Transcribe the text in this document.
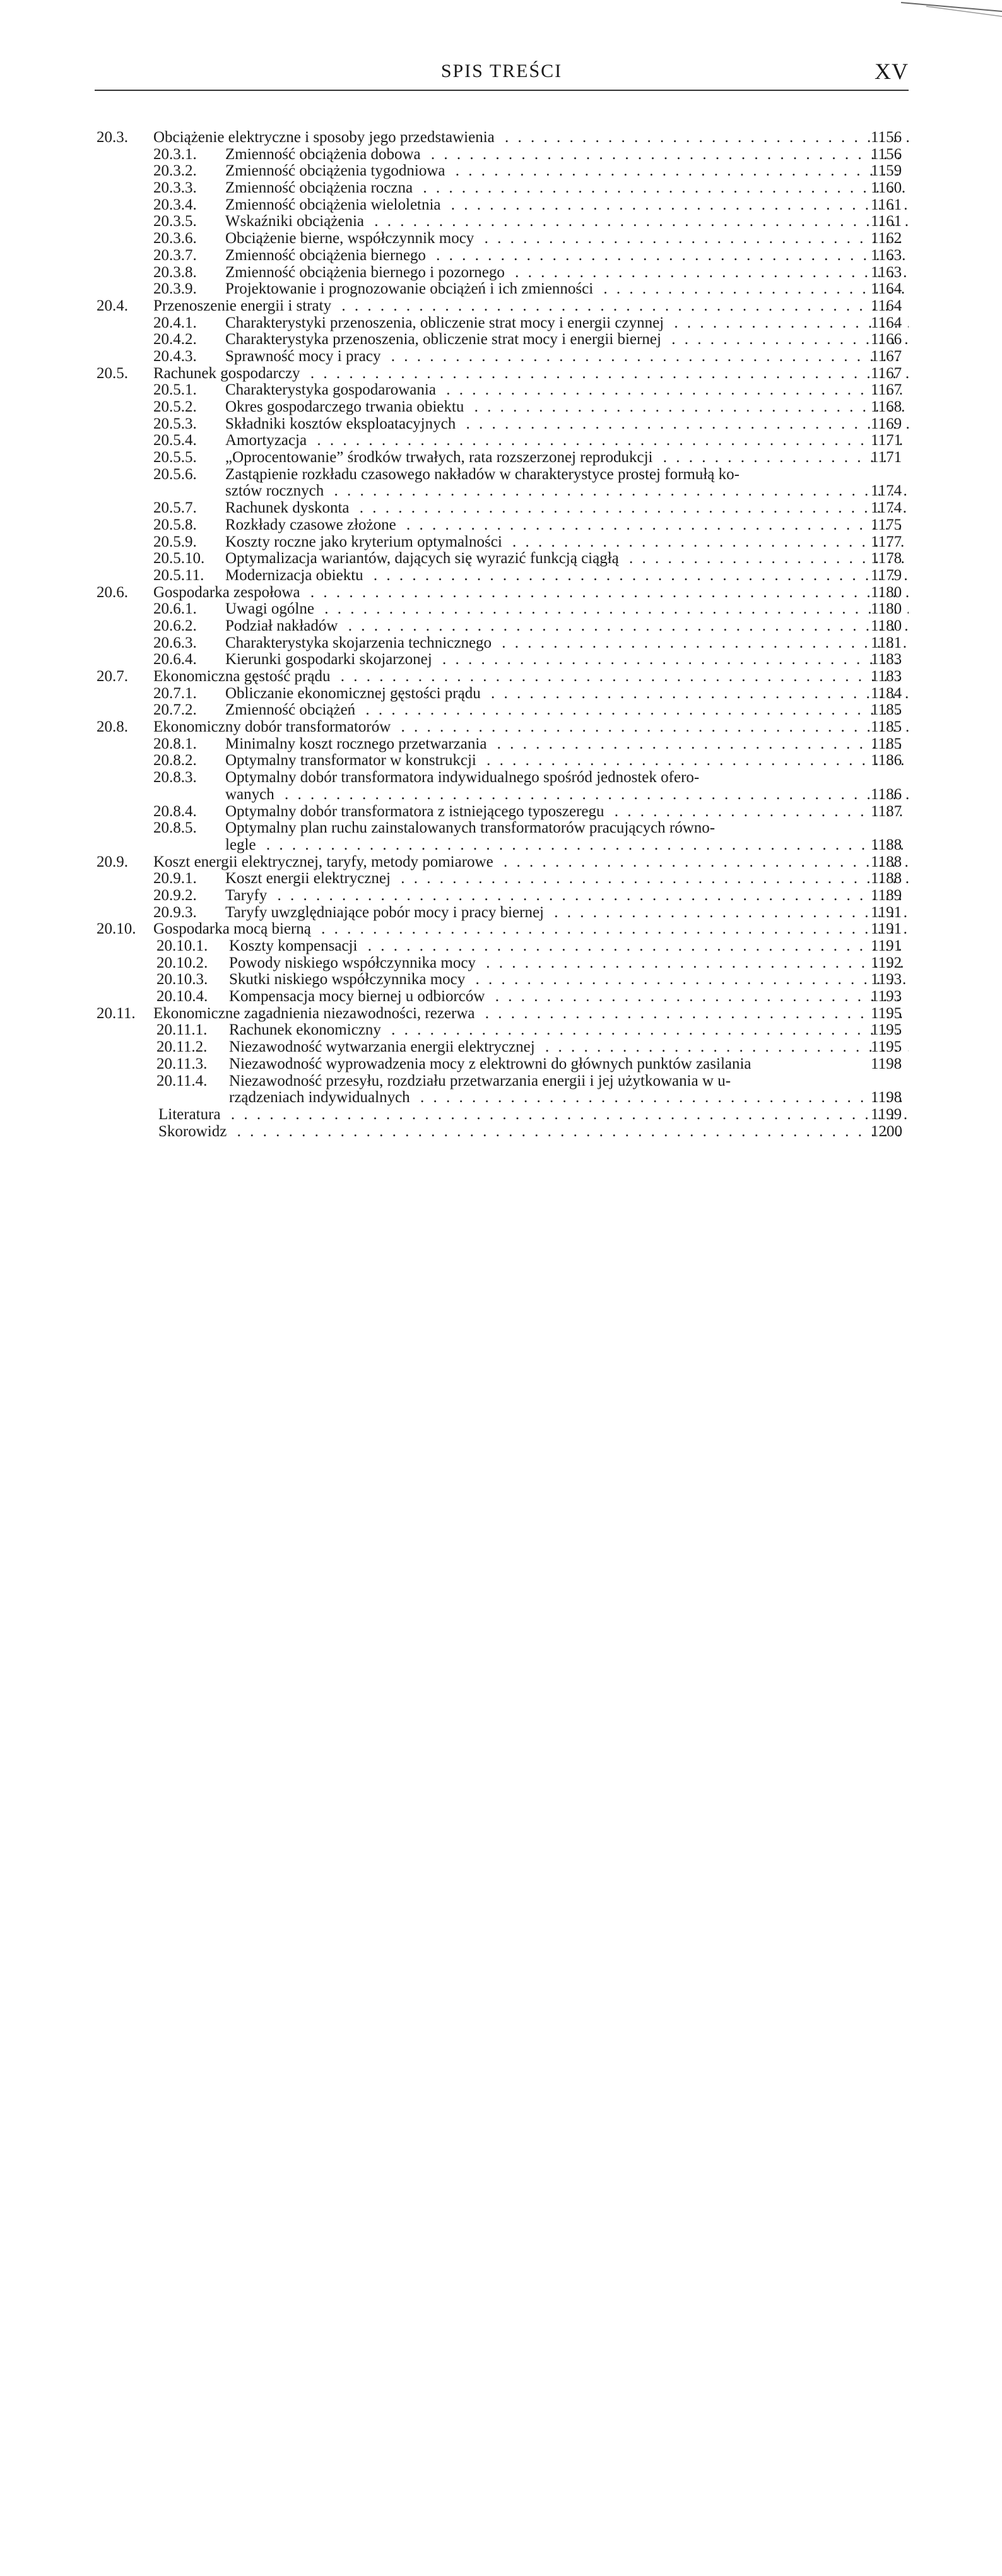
SPIS TREŚCI	XV
20.3. Obciążenie elektryczne i sposoby jego przedstawienia . . .	1156
20.3.1. Zmienność obciążenia dobowa . . .	1156
20.3.2. Zmienność obciążenia tygodniowa . . .	1159
20.3.3. Zmienność obciążenia roczna . . .	1160
20.3.4. Zmienność obciążenia wieloletnia . . .	1161
20.3.5. Wskaźniki obciążenia . . .	1161
20.3.6. Obciążenie bierne, współczynnik mocy . . .	1162
20.3.7. Zmienność obciążenia biernego . . .	1163
20.3.8. Zmienność obciążenia biernego i pozornego . . .	1163
20.3.9. Projektowanie i prognozowanie obciążeń i ich zmienności . . .	1164
20.4. Przenoszenie energii i straty . . .	1164
20.4.1. Charakterystyki przenoszenia, obliczenie strat mocy i energii czynnej . . .	1164
20.4.2. Charakterystyka przenoszenia, obliczenie strat mocy i energii biernej . . .	1166
20.4.3. Sprawność mocy i pracy . . .	1167
20.5. Rachunek gospodarczy . . .	1167
20.5.1. Charakterystyka gospodarowania . . .	1167
20.5.2. Okres gospodarczego trwania obiektu . . .	1168
20.5.3. Składniki kosztów eksploatacyjnych . . .	1169
20.5.4. Amortyzacja . . .	1171
20.5.5. „Oprocentowanie” środków trwałych, rata rozszerzonej reprodukcji . . .	1171
20.5.6. Zastąpienie rozkładu czasowego nakładów w charakterystyce prostej formułą ko-
sztów rocznych . . .	1174
20.5.7. Rachunek dyskonta . . .	1174
20.5.8. Rozkłady czasowe złożone . . .	1175
20.5.9. Koszty roczne jako kryterium optymalności . . .	1177
20.5.10. Optymalizacja wariantów, dających się wyrazić funkcją ciągłą . . .	1178
20.5.11. Modernizacja obiektu . . .	1179
20.6. Gospodarka zespołowa . . .	1180
20.6.1. Uwagi ogólne . . .	1180
20.6.2. Podział nakładów . . .	1180
20.6.3. Charakterystyka skojarzenia technicznego . . .	1181
20.6.4. Kierunki gospodarki skojarzonej . . .	1183
20.7. Ekonomiczna gęstość prądu . . .	1183
20.7.1. Obliczanie ekonomicznej gęstości prądu . . .	1184
20.7.2. Zmienność obciążeń . . .	1185
20.8. Ekonomiczny dobór transformatorów . . .	1185
20.8.1. Minimalny koszt rocznego przetwarzania . . .	1185
20.8.2. Optymalny transformator w konstrukcji . . .	1186
20.8.3. Optymalny dobór transformatora indywidualnego spośród jednostek ofero-
wanych . . .	1186
20.8.4. Optymalny dobór transformatora z istniejącego typoszeregu . . .	1187
20.8.5. Optymalny plan ruchu zainstalowanych transformatorów pracujących równo-
legle . . .	1188
20.9. Koszt energii elektrycznej, taryfy, metody pomiarowe . . .	1188
20.9.1. Koszt energii elektrycznej . . .	1188
20.9.2. Taryfy . . .	1189
20.9.3. Taryfy uwzględniające pobór mocy i pracy biernej . . .	1191
20.10. Gospodarka mocą bierną . . .	1191
20.10.1. Koszty kompensacji . . .	1191
20.10.2. Powody niskiego współczynnika mocy . . .	1192
20.10.3. Skutki niskiego współczynnika mocy . . .	1193
20.10.4. Kompensacja mocy biernej u odbiorców . . .	1193
20.11. Ekonomiczne zagadnienia niezawodności, rezerwa . . .	1195
20.11.1. Rachunek ekonomiczny . . .	1195
20.11.2. Niezawodność wytwarzania energii elektrycznej . . .	1195
20.11.3. Niezawodność wyprowadzenia mocy z elektrowni do głównych punktów zasilania	1198
20.11.4. Niezawodność przesyłu, rozdziału przetwarzania energii i jej użytkowania w u-
rządzeniach indywidualnych . . .	1198
Literatura . . .	1199
Skorowidz . . .	1200
